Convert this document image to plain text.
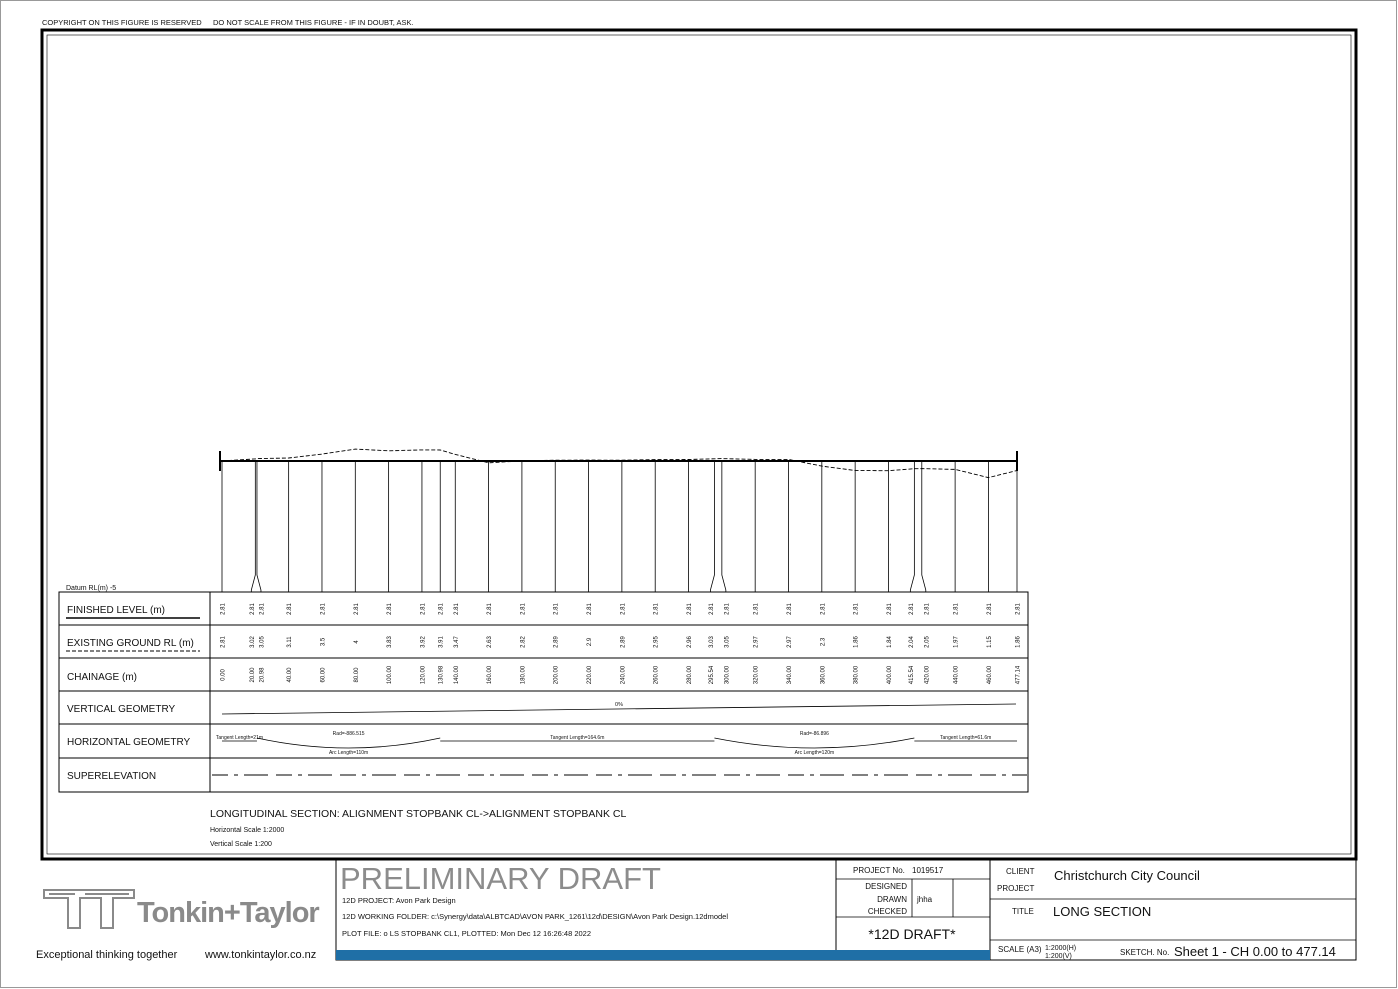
COPYRIGHT ON THIS FIGURE IS RESERVED DO NOT SCALE FROM THIS FIGURE - IF IN DOUBT, ASK.
Datum RL(m) -5
FINISHED LEVEL (m)
EXISTING GROUND RL (m)
CHAINAGE (m)
VERTICAL GEOMETRY
HORIZONTAL GEOMETRY
SUPERELEVATION
2.81
2.81
0.00
2.81
3.02
20.00
2.81
3.05
20.98
2.81
3.11
40.00
2.81
3.5
60.00
2.81
4
80.00
2.81
3.83
100.00
2.81
3.92
120.00
2.81
3.91
130.98
2.81
3.47
140.00
2.81
2.63
160.00
2.81
2.82
180.00
2.81
2.89
200.00
2.81
2.9
220.00
2.81
2.89
240.00
2.81
2.95
260.00
2.81
2.96
280.00
2.81
3.03
295.54
2.81
3.05
300.00
2.81
2.97
320.00
2.81
2.97
340.00
2.81
2.3
360.00
2.81
1.86
380.00
2.81
1.84
400.00
2.81
2.04
415.54
2.81
2.05
420.00
2.81
1.97
440.00
2.81
1.15
460.00
2.81
1.86
477.14
0%
Tangent Length=21m
Rad=-886.515
Arc Length=110m
Tangent Length=164.6m
Rad=-86.896
Arc Length=120m
Tangent Length=61.6m
LONGITUDINAL SECTION: ALIGNMENT STOPBANK CL->ALIGNMENT STOPBANK CL
Horizontal Scale 1:2000
Vertical Scale 1:200
PRELIMINARY DRAFT
12D PROJECT: Avon Park Design
12D WORKING FOLDER: c:\Synergy\data\ALBTCAD\AVON PARK_1261\12d\DESIGN\Avon Park Design.12dmodel
PLOT FILE: o LS STOPBANK CL1, PLOTTED: Mon Dec 12 16:26:48 2022
PROJECT No. 1019517
DESIGNED
DRAWN jhha
CHECKED
*12D DRAFT*
CLIENT Christchurch City Council
PROJECT
TITLE LONG SECTION
SCALE (A3) 1:2000(H)
1:200(V)	SKETCH. No. Sheet 1 - CH 0.00 to 477.14
Tonkin+Taylor
Exceptional thinking together	www.tonkintaylor.co.nz
